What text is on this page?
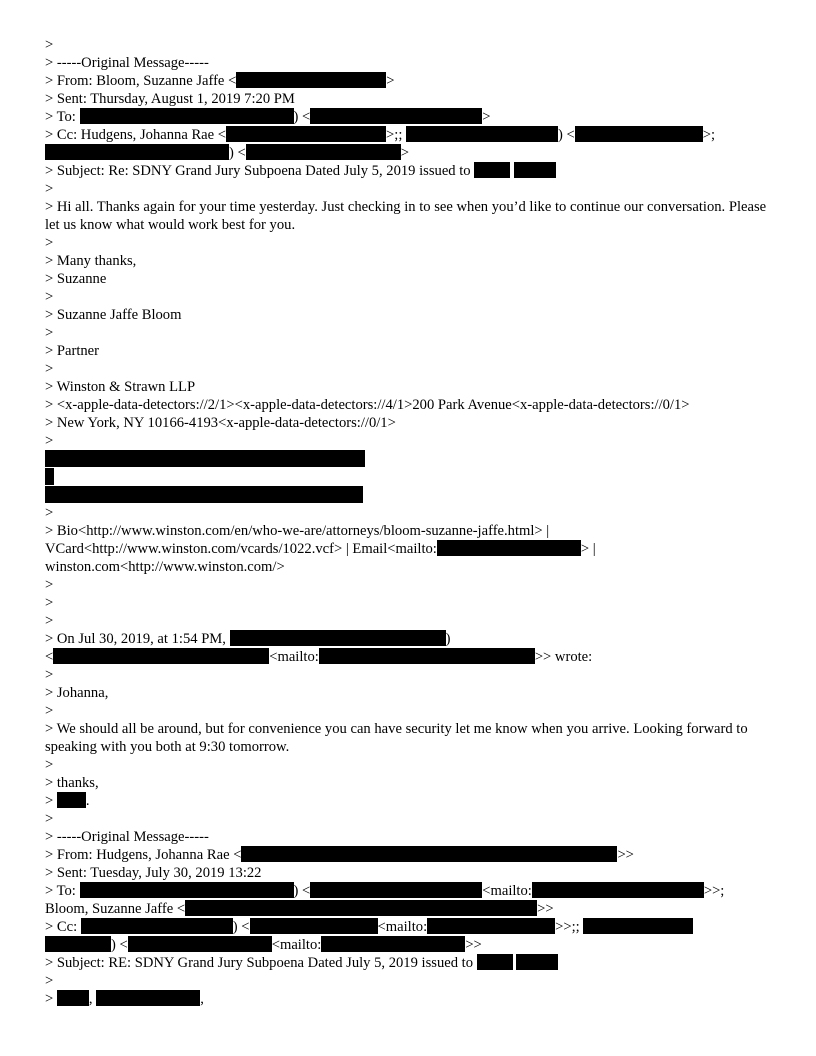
>
> -----Original Message-----
> From: Bloom, Suzanne Jaffe <	>
> Sent: Thursday, August 1, 2019 7:20 PM
> To:	) <	>
> Cc: Hudgens, Johanna Rae <	>;;	) <	>;
) <	>
> Subject: Re: SDNY Grand Jury Subpoena Dated July 5, 2019 issued to
>
> Hi all. Thanks again for your time yesterday. Just checking in to see when you’d like to continue our conversation. Please let us know what would work best for you.
>
> Many thanks,
> Suzanne
>
> Suzanne Jaffe Bloom
>
> Partner
>
> Winston & Strawn LLP
> <x-apple-data-detectors://2/1><x-apple-data-detectors://4/1>200 Park Avenue<x-apple-data-detectors://0/1>
> New York, NY 10166-4193<x-apple-data-detectors://0/1>
>
>
> Bio<http://www.winston.com/en/who-we-are/attorneys/bloom-suzanne-jaffe.html> |
VCard<http://www.winston.com/vcards/1022.vcf> | Email<mailto:	> |
winston.com<http://www.winston.com/>
>
>
>
> On Jul 30, 2019, at 1:54 PM,	)
<	<mailto:	>> wrote:
>
> Johanna,
>
> We should all be around, but for convenience you can have security let me know when you arrive. Looking forward to speaking with you both at 9:30 tomorrow.
>
> thanks,
> .
>
> -----Original Message-----
> From: Hudgens, Johanna Rae <	>>
> Sent: Tuesday, July 30, 2019 13:22
> To:	) <	<mailto:	>>;
Bloom, Suzanne Jaffe <	>>
> Cc:	) <	<mailto:	>>;;
) <	<mailto:	>>
> Subject: RE: SDNY Grand Jury Subpoena Dated July 5, 2019 issued to
>
> ,	,
